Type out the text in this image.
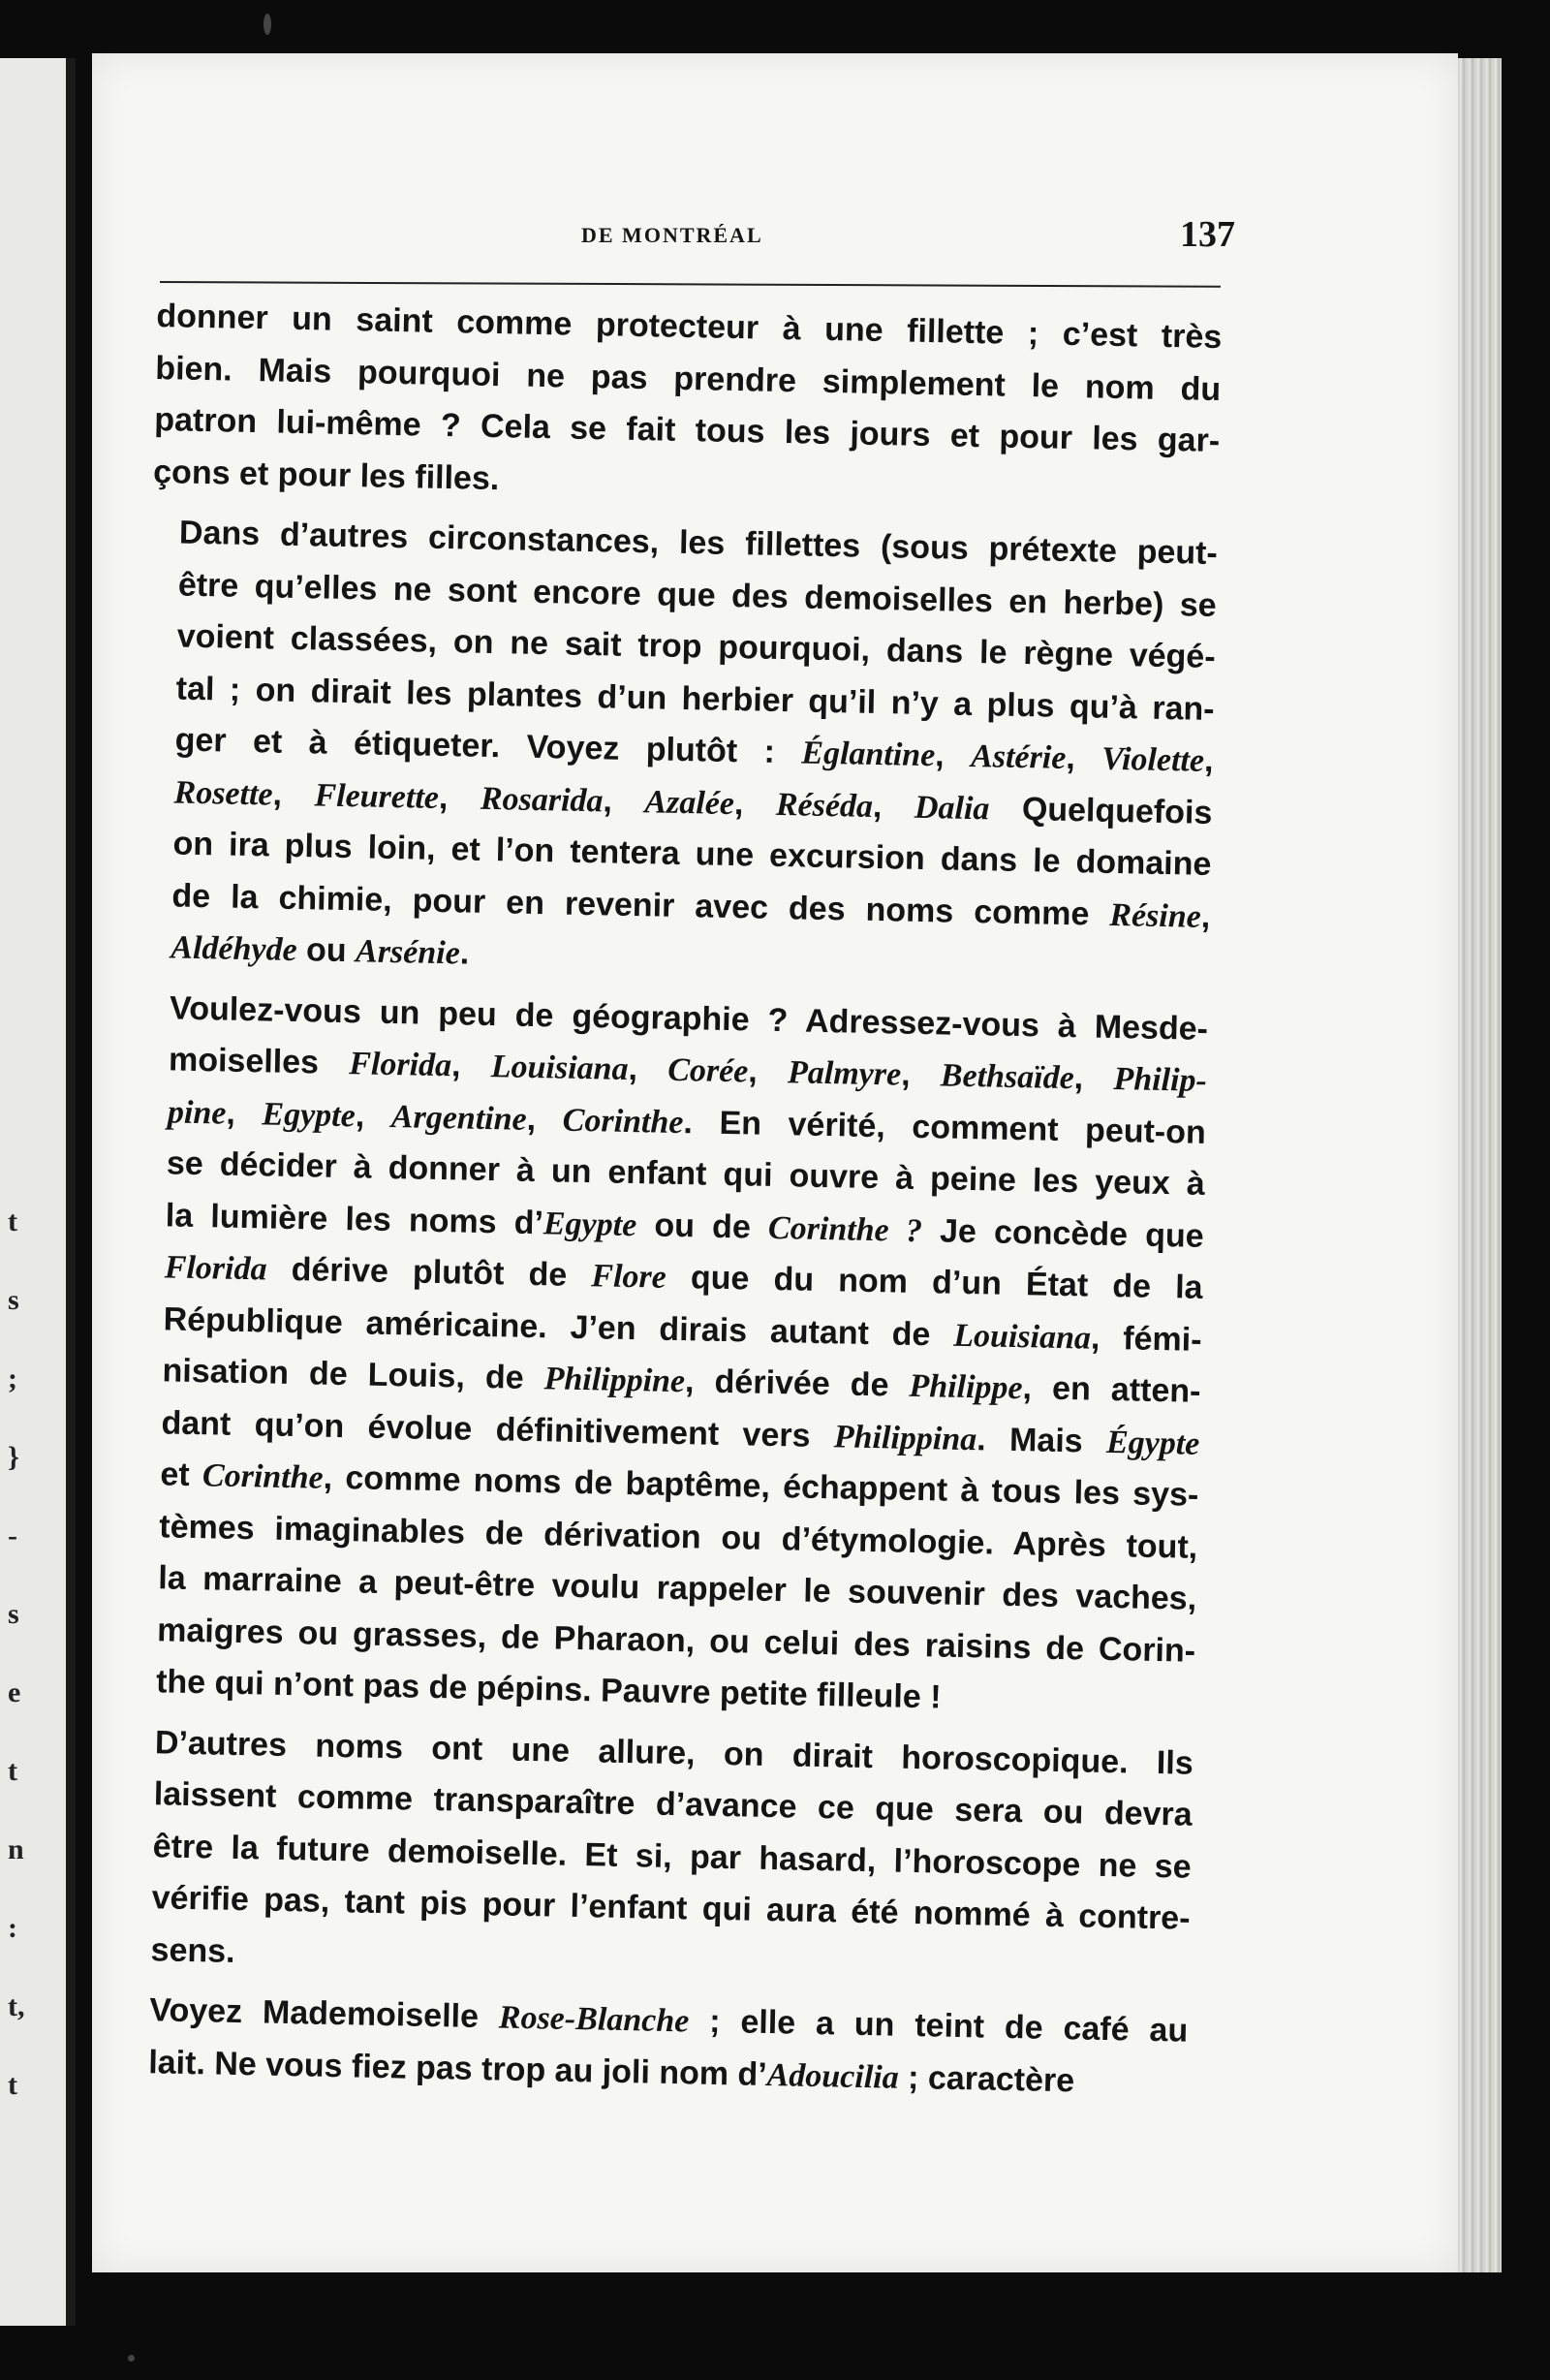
t
s
;
}
-
s
e
t
n
:
t,
t
DE MONTRÉAL	137

donner un saint comme protecteur à une fillette ; c’est très
bien. Mais pourquoi ne pas prendre simplement le nom du
patron lui-même ? Cela se fait tous les jours et pour les gar-
çons et pour les filles.

Dans d’autres circonstances, les fillettes (sous prétexte peut-
être qu’elles ne sont encore que des demoiselles en herbe) se
voient classées, on ne sait trop pourquoi, dans le règne végé-
tal ; on dirait les plantes d’un herbier qu’il n’y a plus qu’à ran-
ger et à étiqueter. Voyez plutôt : Églantine, Astérie, Violette,
Rosette, Fleurette, Rosarida, Azalée, Réséda, Dalia Quelquefois
on ira plus loin, et l’on tentera une excursion dans le domaine
de la chimie, pour en revenir avec des noms comme Résine,
Aldéhyde ou Arsénie.

Voulez-vous un peu de géographie ? Adressez-vous à Mesde-
moiselles Florida, Louisiana, Corée, Palmyre, Bethsaïde, Philip-
pine, Egypte, Argentine, Corinthe. En vérité, comment peut-on
se décider à donner à un enfant qui ouvre à peine les yeux à
la lumière les noms d’Egypte ou de Corinthe ? Je concède que
Florida dérive plutôt de Flore que du nom d’un État de la
République américaine. J’en dirais autant de Louisiana, fémi-
nisation de Louis, de Philippine, dérivée de Philippe, en atten-
dant qu’on évolue définitivement vers Philippina. Mais Égypte
et Corinthe, comme noms de baptême, échappent à tous les sys-
tèmes imaginables de dérivation ou d’étymologie. Après tout,
la marraine a peut-être voulu rappeler le souvenir des vaches,
maigres ou grasses, de Pharaon, ou celui des raisins de Corin-
the qui n’ont pas de pépins. Pauvre petite filleule !

D’autres noms ont une allure, on dirait horoscopique. Ils
laissent comme transparaître d’avance ce que sera ou devra
être la future demoiselle. Et si, par hasard, l’horoscope ne se
vérifie pas, tant pis pour l’enfant qui aura été nommé à contre-
sens.

Voyez Mademoiselle Rose-Blanche ; elle a un teint de café au
lait. Ne vous fiez pas trop au joli nom d’Adoucilia ; caractère
